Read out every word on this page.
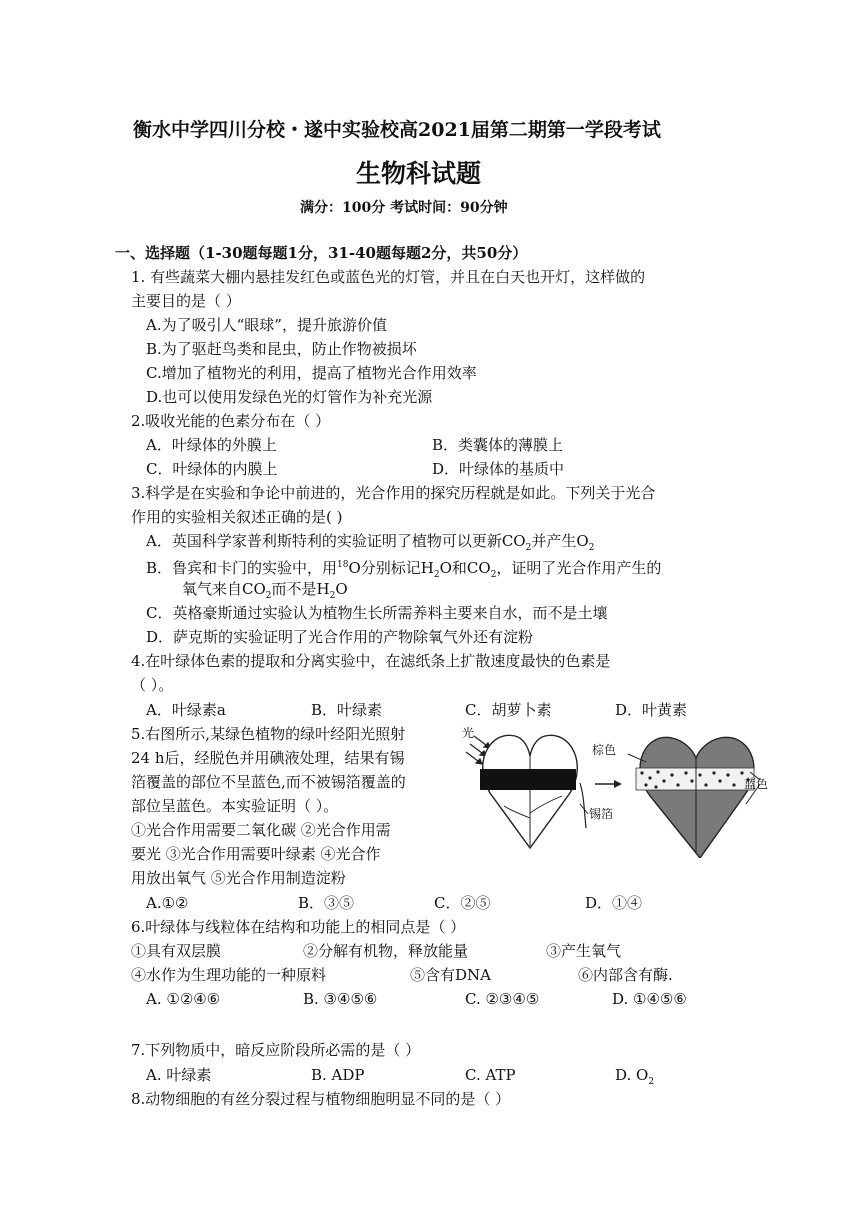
衡水中学四川分校・遂中实验校高2021届第二期第一学段考试
生物科试题
满分：100分 考试时间：90分钟
一、选择题（1-30题每题1分，31-40题每题2分，共50分）
1. 有些蔬菜大棚内悬挂发红色或蓝色光的灯管，并且在白天也开灯，这样做的
主要目的是（ ）
A.为了吸引人“眼球”，提升旅游价值
B.为了驱赶鸟类和昆虫，防止作物被损坏
C.增加了植物光的利用，提高了植物光合作用效率
D.也可以使用发绿色光的灯管作为补充光源
2.吸收光能的色素分布在（ ）
A．叶绿体的外膜上	B．类囊体的薄膜上
C．叶绿体的内膜上	D．叶绿体的基质中
3.科学是在实验和争论中前进的，光合作用的探究历程就是如此。下列关于光合
作用的实验相关叙述正确的是( )
A．英国科学家普利斯特利的实验证明了植物可以更新$CO_2$并产生$O_2$
B．鲁宾和卡门的实验中，用$^{18}$O分别标记$H_2O$和$CO_2$，证明了光合作用产生的
氧气来自$CO_2$而不是$H_2O$
C．英格豪斯通过实验认为植物生长所需养料主要来自水，而不是土壤
D．萨克斯的实验证明了光合作用的产物除氧气外还有淀粉
4.在叶绿体色素的提取和分离实验中，在滤纸条上扩散速度最快的色素是
（ ）。
A．叶绿素a	B．叶绿素	C．胡萝卜素	D．叶黄素
5.右图所示,某绿色植物的绿叶经阳光照射
24 h后，经脱色并用碘液处理，结果有锡
箔覆盖的部位不呈蓝色,而不被锡箔覆盖的
部位呈蓝色。本实验证明（ ）。
①光合作用需要二氧化碳 ②光合作用需
要光 ③光合作用需要叶绿素 ④光合作
用放出氧气 ⑤光合作用制造淀粉
A.①②	B．③⑤	C．②⑤	D．①④
光
棕色
锡箔
蓝色
6.叶绿体与线粒体在结构和功能上的相同点是（ ）
①具有双层膜	②分解有机物，释放能量	③产生氧气
④水作为生理功能的一种原料	⑤含有DNA	⑥内部含有酶.
A. ①②④⑥	B. ③④⑤⑥	C. ②③④⑤	D. ①④⑤⑥
7.下列物质中，暗反应阶段所必需的是（ ）
A. 叶绿素	B. ADP	C. ATP	D. $O_2$
8.动物细胞的有丝分裂过程与植物细胞明显不同的是（ ）
